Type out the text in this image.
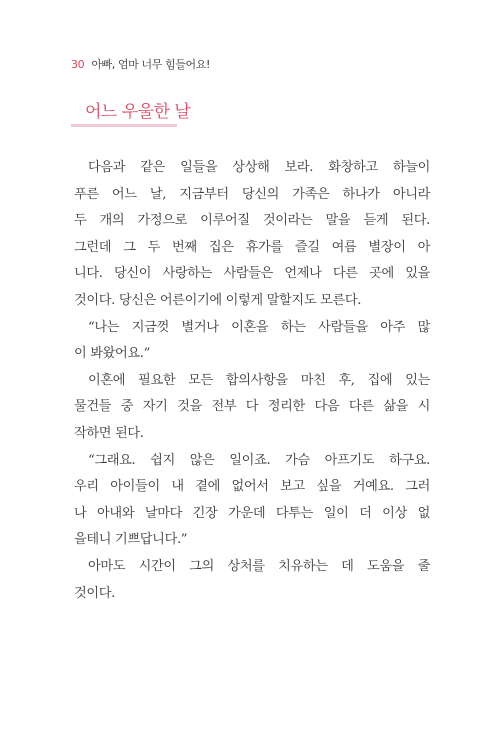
30 아빠, 엄마 너무 힘들어요!
어느 우울한 날
다음과 같은 일들을 상상해 보라. 화창하고 하늘이
푸른 어느 날, 지금부터 당신의 가족은 하나가 아니라
두 개의 가정으로 이루어질 것이라는 말을 듣게 된다.
그런데 그 두 번째 집은 휴가를 즐길 여름 별장이 아
니다. 당신이 사랑하는 사람들은 언제나 다른 곳에 있을
것이다. 당신은 어른이기에 이렇게 말할지도 모른다.
“나는 지금껏 별거나 이혼을 하는 사람들을 아주 많
이 봐왔어요.”
이혼에 필요한 모든 합의사항을 마친 후, 집에 있는
물건들 중 자기 것을 전부 다 정리한 다음 다른 삶을 시
작하면 된다.
“그래요. 쉽지 않은 일이죠. 가슴 아프기도 하구요.
우리 아이들이 내 곁에 없어서 보고 싶을 거예요. 그러
나 아내와 날마다 긴장 가운데 다투는 일이 더 이상 없
을테니 기쁘답니다.”
아마도 시간이 그의 상처를 치유하는 데 도움을 줄
것이다.
